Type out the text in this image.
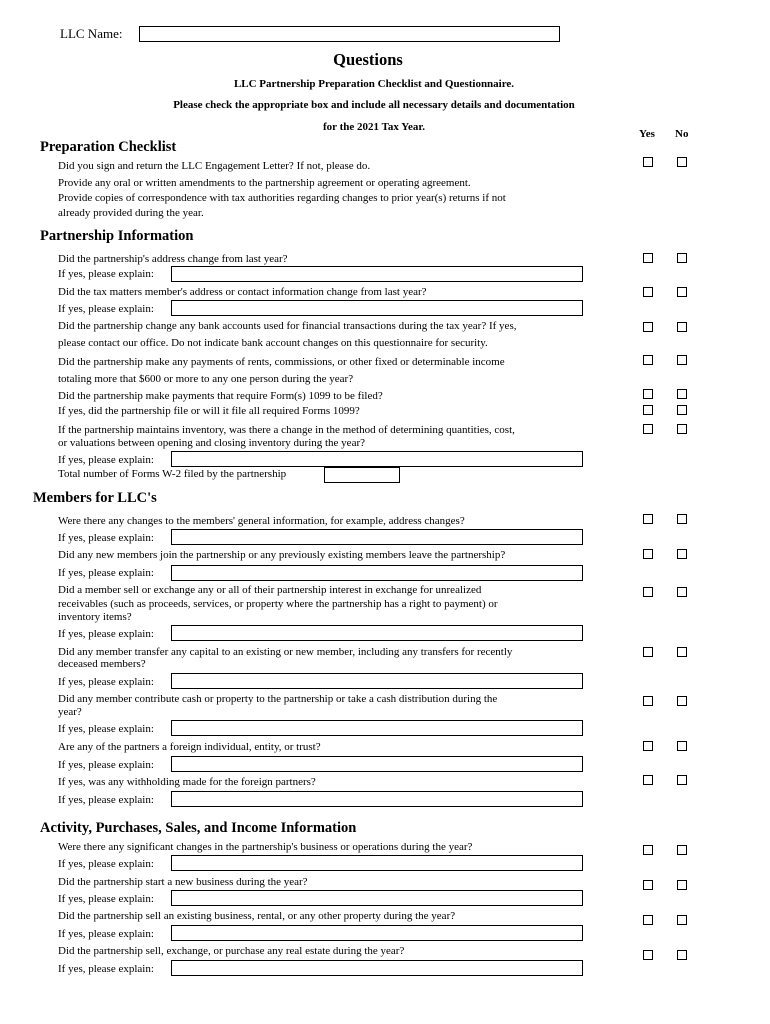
LLC Name:
Questions
LLC Partnership Preparation Checklist and Questionnaire.
Please check the appropriate box and include all necessary details and documentation
for the 2021 Tax Year.
Yes No
Preparation Checklist
Did you sign and return the LLC Engagement Letter? If not, please do.
Provide any oral or written amendments to the partnership agreement or operating agreement.
Provide copies of correspondence with tax authorities regarding changes to prior year(s) returns if not
already provided during the year.
Partnership Information
Did the partnership's address change from last year?
If yes, please explain:
Did the tax matters member's address or contact information change from last year?
If yes, please explain:
Did the partnership change any bank accounts used for financial transactions during the tax year? If yes,
please contact our office. Do not indicate bank account changes on this questionnaire for security.
Did the partnership make any payments of rents, commissions, or other fixed or determinable income
totaling more that $600 or more to any one person during the year?
Did the partnership make payments that require Form(s) 1099 to be filed?
If yes, did the partnership file or will it file all required Forms 1099?
If the partnership maintains inventory, was there a change in the method of determining quantities, cost,
or valuations between opening and closing inventory during the year?
If yes, please explain:
Total number of Forms W-2 filed by the partnership
Members for LLC's
Were there any changes to the members' general information, for example, address changes?
If yes, please explain:
Did any new members join the partnership or any previously existing members leave the partnership?
If yes, please explain:
Did a member sell or exchange any or all of their partnership interest in exchange for unrealized
receivables (such as proceeds, services, or property where the partnership has a right to payment) or
inventory items?
If yes, please explain:
Did any member transfer any capital to an existing or new member, including any transfers for recently
deceased members?
If yes, please explain:
Did any member contribute cash or property to the partnership or take a cash distribution during the
year?
If yes, please explain:
Are any of the partners a foreign individual, entity, or trust?
If yes, please explain:
If yes, was any withholding made for the foreign partners?
If yes, please explain:
Activity, Purchases, Sales, and Income Information
Were there any significant changes in the partnership's business or operations during the year?
If yes, please explain:
Did the partnership start a new business during the year?
If yes, please explain:
Did the partnership sell an existing business, rental, or any other property during the year?
If yes, please explain:
Did the partnership sell, exchange, or purchase any real estate during the year?
If yes, please explain:
